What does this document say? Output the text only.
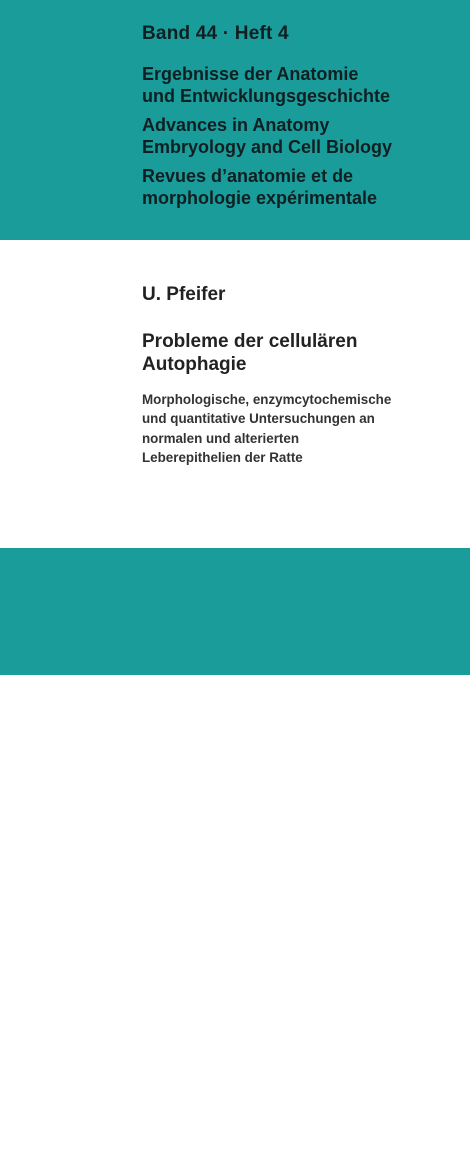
Band 44 · Heft 4

Ergebnisse der Anatomie
und Entwicklungsgeschichte
Advances in Anatomy
Embryology and Cell Biology
Revues d’anatomie et de
morphologie expérimentale

U. Pfeifer

Probleme der cellulären
Autophagie
Morphologische, enzymcytochemische
und quantitative Untersuchungen an
normalen und alterierten
Leberepithelien der Ratte
Springer-Verlag
Berlin Heidelberg GmbH
